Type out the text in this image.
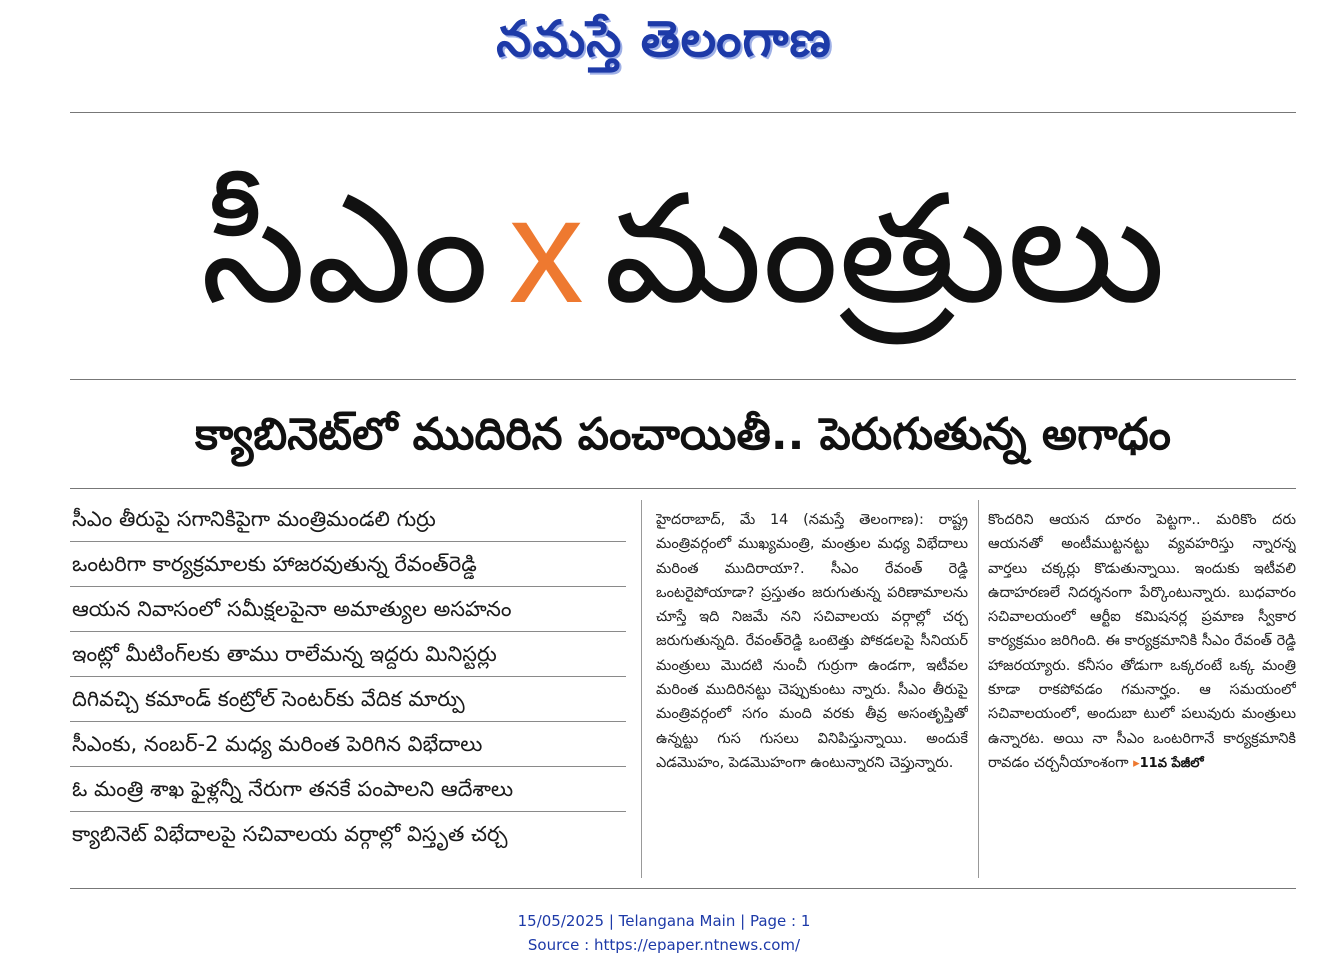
నమస్తే తెలంగాణ
సీఎం x మంత్రులు
క్యాబినెట్‌లో ముదిరిన పంచాయితీ.. పెరుగుతున్న అగాధం
సీఎం తీరుపై సగానికిపైగా మంత్రిమండలి గుర్రు
ఒంటరిగా కార్యక్రమాలకు హాజరవుతున్న రేవంత్‌రెడ్డి
ఆయన నివాసంలో సమీక్షలపైనా అమాత్యుల అసహనం
ఇంట్లో మీటింగ్‌లకు తాము రాలేమన్న ఇద్దరు మినిస్టర్లు
దిగివచ్చి కమాండ్ కంట్రోల్ సెంటర్‌కు వేదిక మార్పు
సీఎంకు, నంబర్-2 మధ్య మరింత పెరిగిన విభేదాలు
ఓ మంత్రి శాఖ ఫైళ్లన్నీ నేరుగా తనకే పంపాలని ఆదేశాలు
క్యాబినెట్ విభేదాలపై సచివాలయ వర్గాల్లో విస్తృత చర్చ
హైదరాబాద్, మే 14 (నమస్తే తెలంగాణ): రాష్ట్ర మంత్రివర్గంలో ముఖ్యమంత్రి, మంత్రుల మధ్య విభేదాలు మరింత ముదిరాయా?. సీఎం రేవంత్ రెడ్డి ఒంటరైపోయాడా? ప్రస్తుతం జరుగుతున్న పరిణామాలను చూస్తే ఇది నిజమే నని సచివాలయ వర్గాల్లో చర్చ జరుగుతున్నది. రేవంత్‌రెడ్డి ఒంటెత్తు పోకడలపై సీనియర్ మంత్రులు మొదటి నుంచీ గుర్రుగా ఉండగా, ఇటీవల మరింత ముదిరినట్టు చెప్పుకుంటు న్నారు. సీఎం తీరుపై మంత్రివర్గంలో సగం మంది వరకు తీవ్ర అసంతృప్తితో ఉన్నట్టు గుస గుసలు వినిపిస్తున్నాయి. అందుకే ఎడమొహం, పెడమొహంగా ఉంటున్నారని చెప్తున్నారు.
కొందరిని ఆయన దూరం పెట్టగా.. మరికొం దరు ఆయనతో అంటీముట్టనట్టు వ్యవహరిస్తు న్నారన్న వార్తలు చక్కర్లు కొడుతున్నాయి. ఇందుకు ఇటీవలి ఉదాహరణలే నిదర్శనంగా పేర్కొంటున్నారు. బుధవారం సచివాలయంలో ఆర్టీఐ కమిషనర్ల ప్రమాణ స్వీకార కార్యక్రమం జరిగింది. ఈ కార్యక్రమానికి సీఎం రేవంత్ రెడ్డి హాజరయ్యారు. కనీసం తోడుగా ఒక్కరంటే ఒక్క మంత్రి కూడా రాకపోవడం గమనార్హం. ఆ సమయంలో సచివాలయంలో, అందుబా టులో పలువురు మంత్రులు ఉన్నారట. అయి నా సీఎం ఒంటరిగానే కార్యక్రమానికి రావడం చర్చనీయాంశంగా ▸11వ పేజీలో
15/05/2025 | Telangana Main | Page : 1
Source : https://epaper.ntnews.com/
